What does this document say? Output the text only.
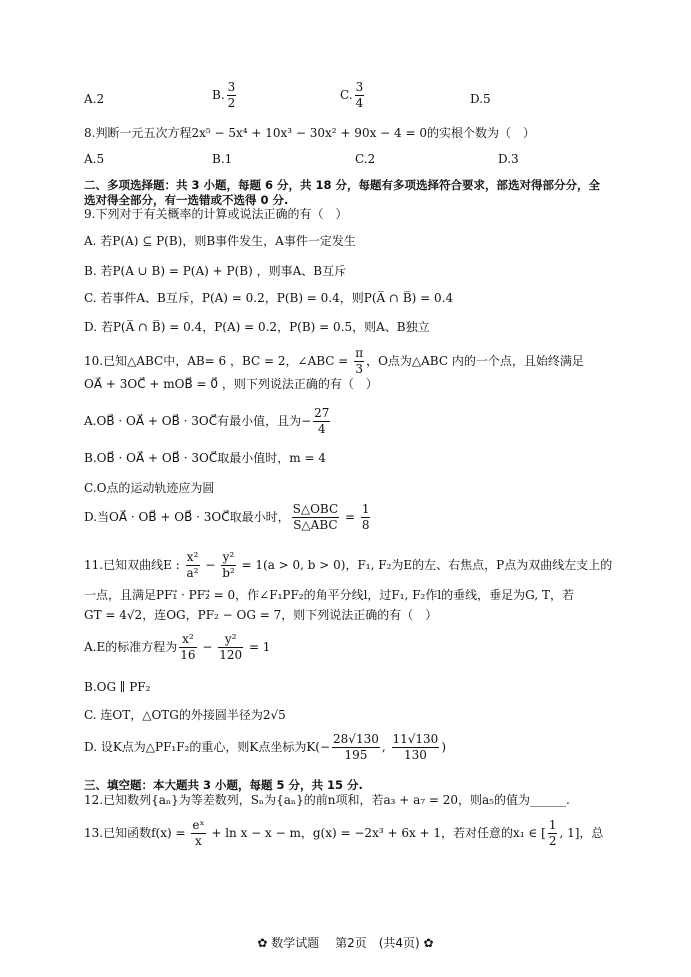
A.2	B. $\frac{3}{2}$	C. $\frac{3}{4}$	D.5
8.判断一元五次方程2x⁵ − 5x⁴ + 10x³ − 30x² + 90x − 4 = 0的实根个数为（　）
A.5	B.1	C.2	D.3
二、多项选择题：共 3 小题，每题 6 分，共 18 分，每题有多项选择符合要求，部选对得部分分，全
选对得全部分，有一选错或不选得 0 分.
9.下列对于有关概率的计算或说法正确的有（　）
A. 若P(A) ⊆ P(B)，则B事件发生，A事件一定发生
B. 若P(A ∪ B) = P(A) + P(B) ，则事A、B互斥
C. 若事件A、B互斥，P(A) = 0.2，P(B) = 0.4，则P(A̅ ∩ B̅) = 0.4
D. 若P(A̅ ∩ B̅) = 0.4，P(A) = 0.2，P(B) = 0.5，则A、B独立
10.已知△ABC中，AB= 6 ，BC = 2，∠ABC = $\frac{\pi}{3}$ ，O点为△ABC 内的一个点，且始终满足
OA⃗ + 3OC⃗ + mOB⃗ = 0⃗ ，则下列说法正确的有（　）
A.OB⃗ · OA⃗ + OB⃗ · 3OC⃗有最小值，且为− $\frac{27}{4}$
B.OB⃗ · OA⃗ + OB⃗ · 3OC⃗取最小值时，m = 4
C.O点的运动轨迹应为圆
D.当OA⃗ · OB⃗ + OB⃗ · 3OC⃗取最小时， $\frac{\text{S△OBC}}{\text{S△ABC}} = \frac{1}{8}$
11.已知双曲线E : $\frac{\text{x²}}{\text{a²}} - \frac{\text{y²}}{\text{b²}} = 1(a > 0$, b > 0)，F₁, F₂为E的左、右焦点，P点为双曲线左支上的
一点，且满足PF₁⃗ · PF₂⃗ = 0，作∠F₁PF₂的角平分线l，过F₁, F₂作l的垂线，垂足为G, T，若
GT = 4√2，连OG，PF₂ − OG = 7，则下列说法正确的有（　）
A.E的标准方程为 $\frac{\text{x²}}{16} - \frac{\text{y²}}{120} = 1$
B.OG ∥ PF₂
C. 连OT，△OTG的外接圆半径为2√5
D. 设K点为△PF₁F₂的重心，则K点坐标为$K(- \frac{28√130}{195}$ , $\frac{11√130}{130}$ )
三、填空题：本大题共 3 小题，每题 5 分，共 15 分.
12.已知数列{aₙ}为等差数列，Sₙ为{aₙ}的前n项和，若a₃ + a₇ = 20，则a₅的值为______.
13.已知函数$f(x) = \frac{\text{eˣ}}{x} + \ln x - x - m$，g(x) = −2x³ + 6x + 1，若对任意的x₁ ∈ [ $\frac{1}{2}$ , 1]，总
✿ 数学试题　 第2页　(共4页) ✿
